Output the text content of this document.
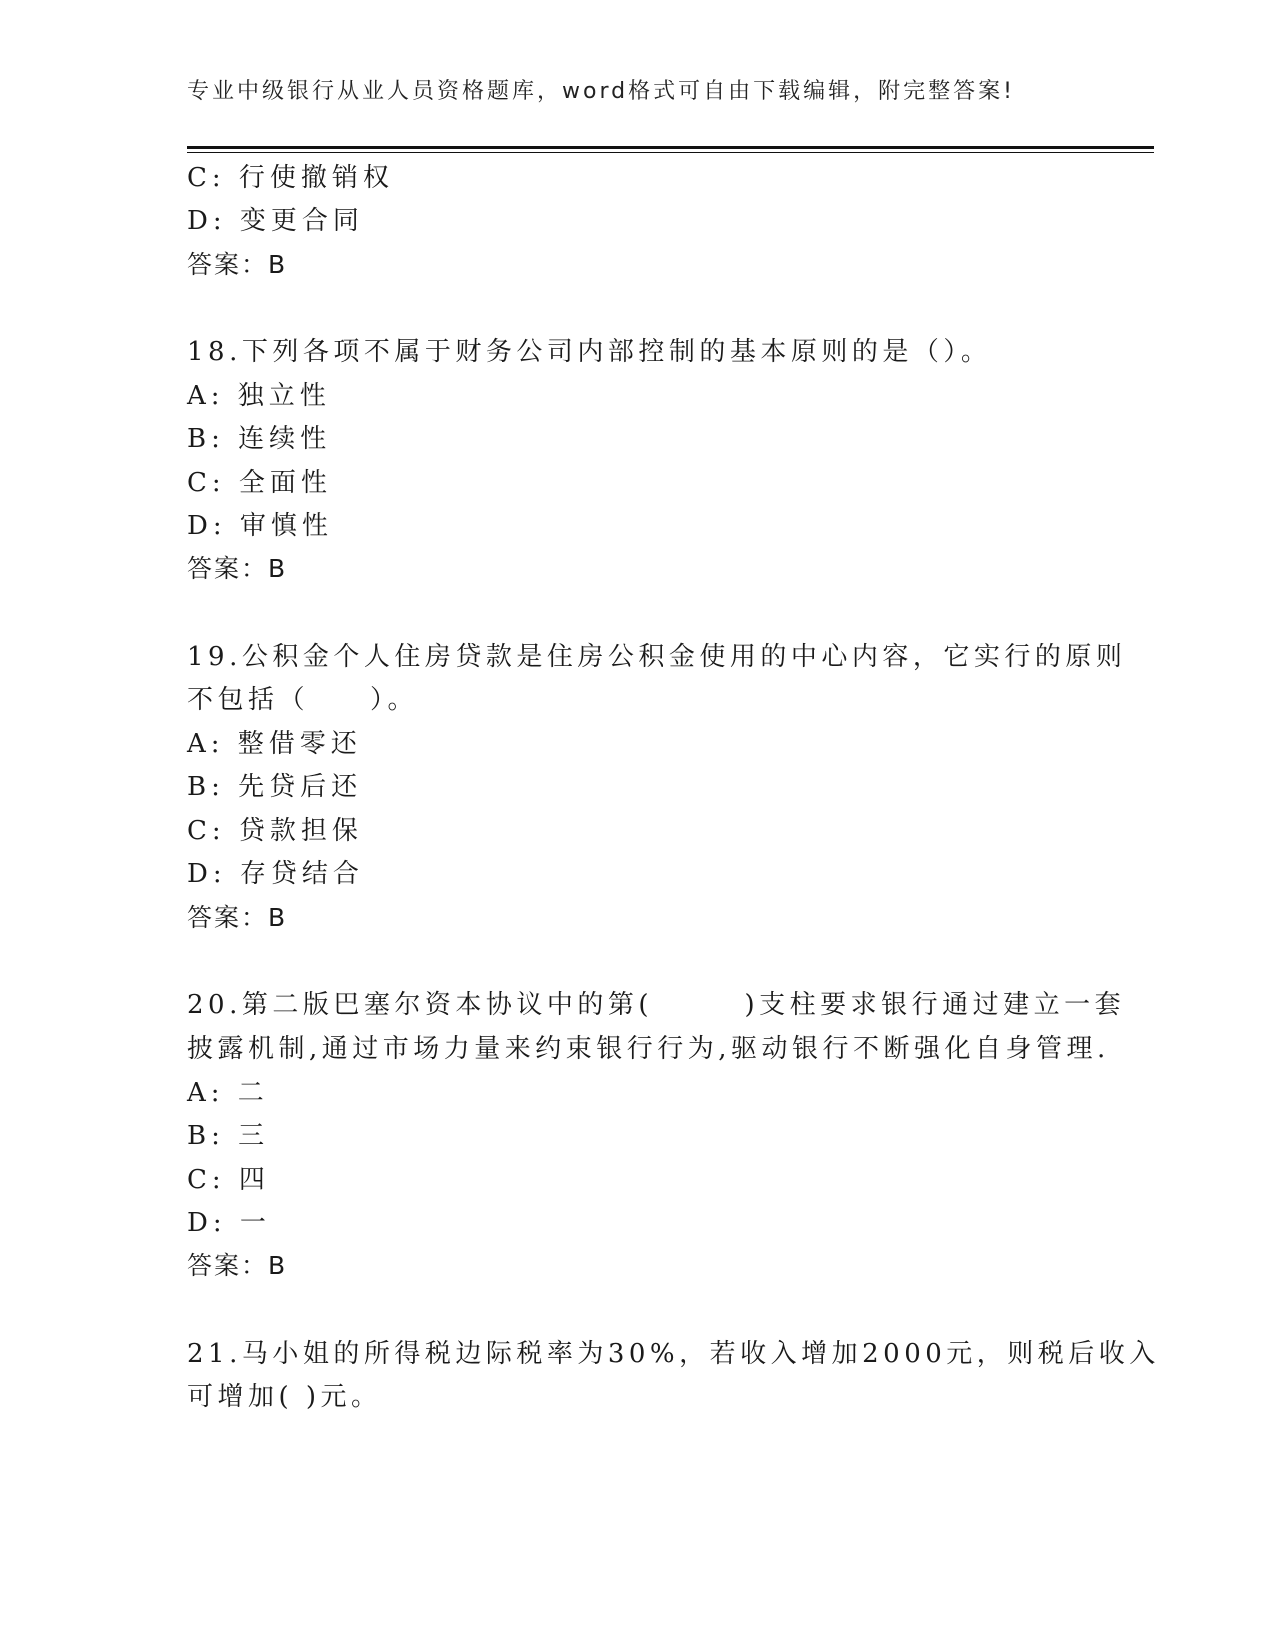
专业中级银行从业人员资格题库，word格式可自由下载编辑，附完整答案!
C: 行使撤销权
D: 变更合同
答案：B
18.下列各项不属于财务公司内部控制的基本原则的是（）。
A: 独立性
B: 连续性
C: 全面性
D: 审慎性
答案：B
19.公积金个人住房贷款是住房公积金使用的中心内容，它实行的原则
不包括（　　）。
A: 整借零还
B: 先贷后还
C: 贷款担保
D: 存贷结合
答案：B
20.第二版巴塞尔资本协议中的第(　　　)支柱要求银行通过建立一套
披露机制,通过市场力量来约束银行行为,驱动银行不断强化自身管理.
A: 二
B: 三
C: 四
D: 一
答案：B
21.马小姐的所得税边际税率为30%，若收入增加2000元，则税后收入
可增加( )元。
